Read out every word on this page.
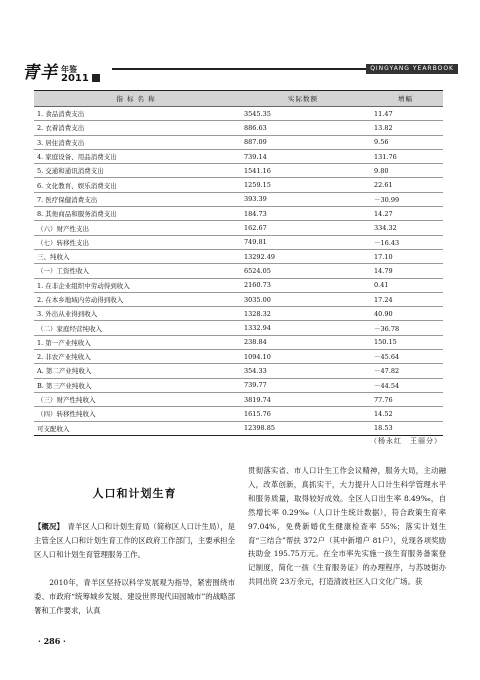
青羊 年鉴
2011
QINGYANG YEARBOOK
指 标 名 称	实际数额	增幅
1. 食品消费支出	3545.35	11.47
2. 衣着消费支出	886.63	13.82
3. 居住消费支出	887.09	9.56
4. 家庭设备、用品消费支出	739.14	131.76
5. 交通和通讯消费支出	1541.16	9.80
6. 文化教育、娱乐消费支出	1259.15	22.61
7. 医疗保健消费支出	393.39	－30.99
8. 其他商品和服务消费支出	184.73	14.27
（六）财产性支出	162.67	334.32
（七）转移性支出	749.81	－16.43
三、纯收入	13292.49	17.10
（一）工资性收入	6524.05	14.79
1. 在非企业组织中劳动得到收入	2160.73	0.41
2. 在本乡地域内劳动得到收入	3035.00	17.24
3. 外出从业得到收入	1328.32	40.90
（二）家庭经营纯收入	1332.94	－36.78
1. 第一产业纯收入	238.84	150.15
2. 非农产业纯收入	1094.10	－45.64
A. 第二产业纯收入	354.33	－47.82
B. 第三产业纯收入	739.77	－44.54
（三）财产性纯收入	3819.74	77.76
（四）转移性纯收入	1615.76	14.52
可支配收入	12398.85	18.53
（杨永红　王丽分）
人口和计划生育

【概况】　 青羊区人口和计划生育局（简称区人口计生局），是主管全区人口和计划生育工作的区政府工作部门，主要承担全区人口和计划生育管理服务工作。

　　2010年，青羊区坚持以科学发展观为指导，紧密围绕市委、市政府“统筹城乡发展、建设世界现代田园城市”的战略部署和工作要求，认真

贯彻落实省、市人口计生工作会议精神，服务大局，主动融入，改革创新，真抓实干，大力提升人口计生科学管理水平和服务质量，取得较好成效。全区人口出生率 8.49‰，自然增长率 0.29‰（人口计生统计数据），符合政策生育率97.04%，免费新婚优生健康检查率 55%；落实计划生育“三结合”帮扶 372户（其中新增户 81户），兑现各项奖励扶助金 195.75万元。在全市率先实施一孩生育服务备案登记制度，简化一孩《生育服务证》的办理程序，与苏坡街办共同出资 23万余元，打造清波社区人口文化广场。获

· 286 ·
